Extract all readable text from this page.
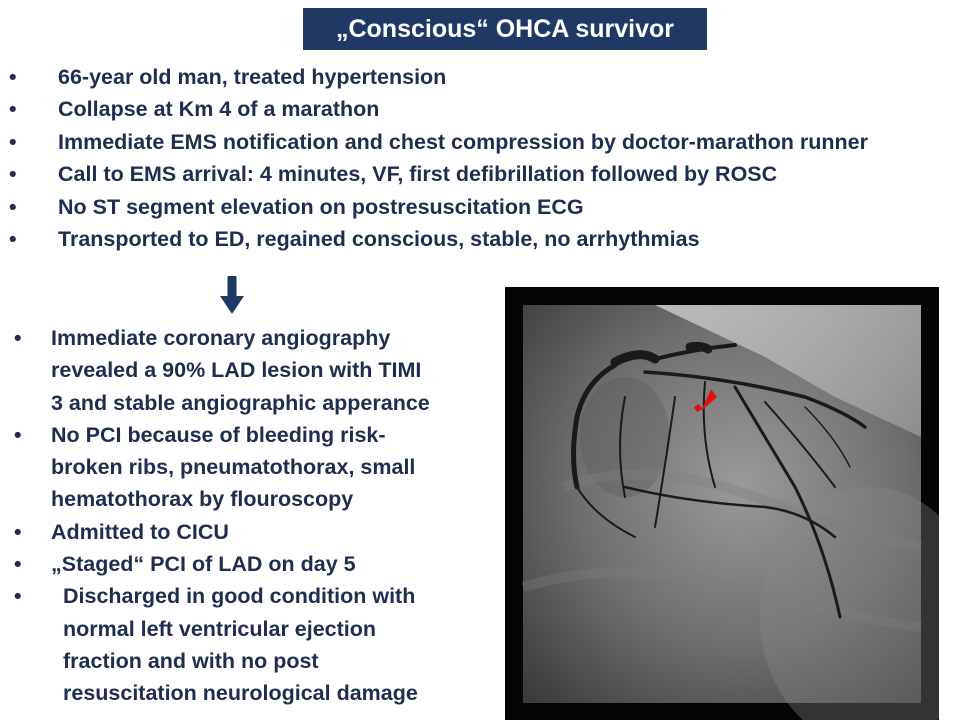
„Conscious“ OHCA survivor
• 66-year old man, treated hypertension
• Collapse at Km 4 of a marathon
• Immediate EMS notification and chest compression by doctor-marathon runner
• Call to EMS arrival: 4 minutes, VF, first defibrillation followed by ROSC
• No ST segment elevation on postresuscitation ECG
• Transported to ED, regained conscious, stable, no arrhythmias
• Immediate coronary angiography
revealed a 90% LAD lesion with TIMI
3 and stable angiographic apperance
• No PCI because of bleeding risk-
broken ribs, pneumatothorax, small
hematothorax by flouroscopy
• Admitted to CICU
• „Staged“ PCI of LAD on day 5
• Discharged in good condition with
normal left ventricular ejection
fraction and with no post
resuscitation neurological damage
